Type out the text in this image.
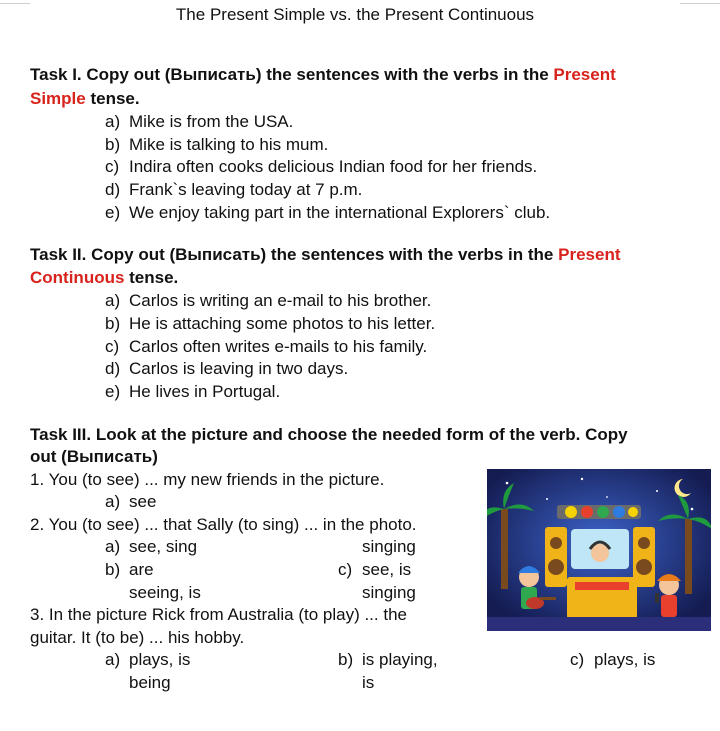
The Present Simple vs. the Present Continuous
Task I. Copy out (Выписать) the sentences with the verbs in the Present
Simple tense.
a) Mike is from the USA.
b) Mike is talking to his mum.
c) Indira often cooks delicious Indian food for her friends.
d) Frank`s leaving today at 7 p.m.
e) We enjoy taking part in the international Explorers` club.
Task II. Copy out (Выписать) the sentences with the verbs in the Present
Continuous tense.
a) Carlos is writing an e-mail to his brother.
b) He is attaching some photos to his letter.
c) Carlos often writes e-mails to his family.
d) Carlos is leaving in two days.
e) He lives in Portugal.
Task III. Look at the picture and choose the needed form of the verb. Copy
out (Выписать)
1. You (to see) ... my new friends in the picture.
a) see
2. You (to see) ... that Sally (to sing) ... in the photo.
a) see, sing	singing
b) are
seeing, is
c) see, is
singing
3. In the picture Rick from Australia (to play) ... the
guitar. It (to be) ... his hobby.
a) plays, is
being
b) is playing,
is
c) plays, is
